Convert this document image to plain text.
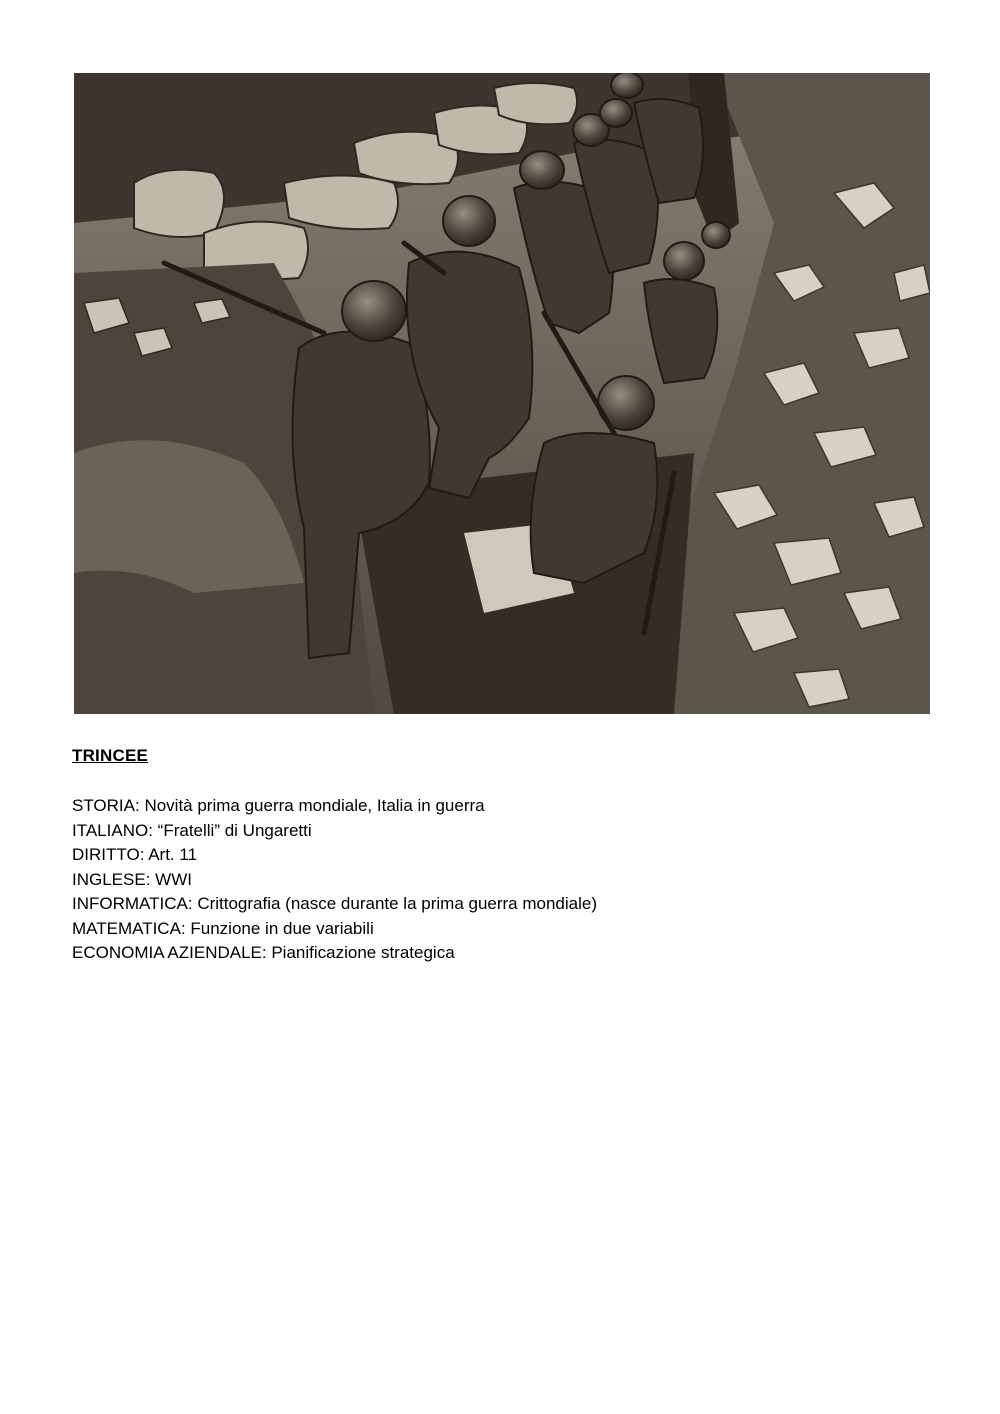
TRINCEE
STORIA: Novità prima guerra mondiale, Italia in guerra
ITALIANO: “Fratelli” di Ungaretti
DIRITTO: Art. 11
INGLESE: WWI
INFORMATICA: Crittografia (nasce durante la prima guerra mondiale)
MATEMATICA: Funzione in due variabili
ECONOMIA AZIENDALE: Pianificazione strategica
